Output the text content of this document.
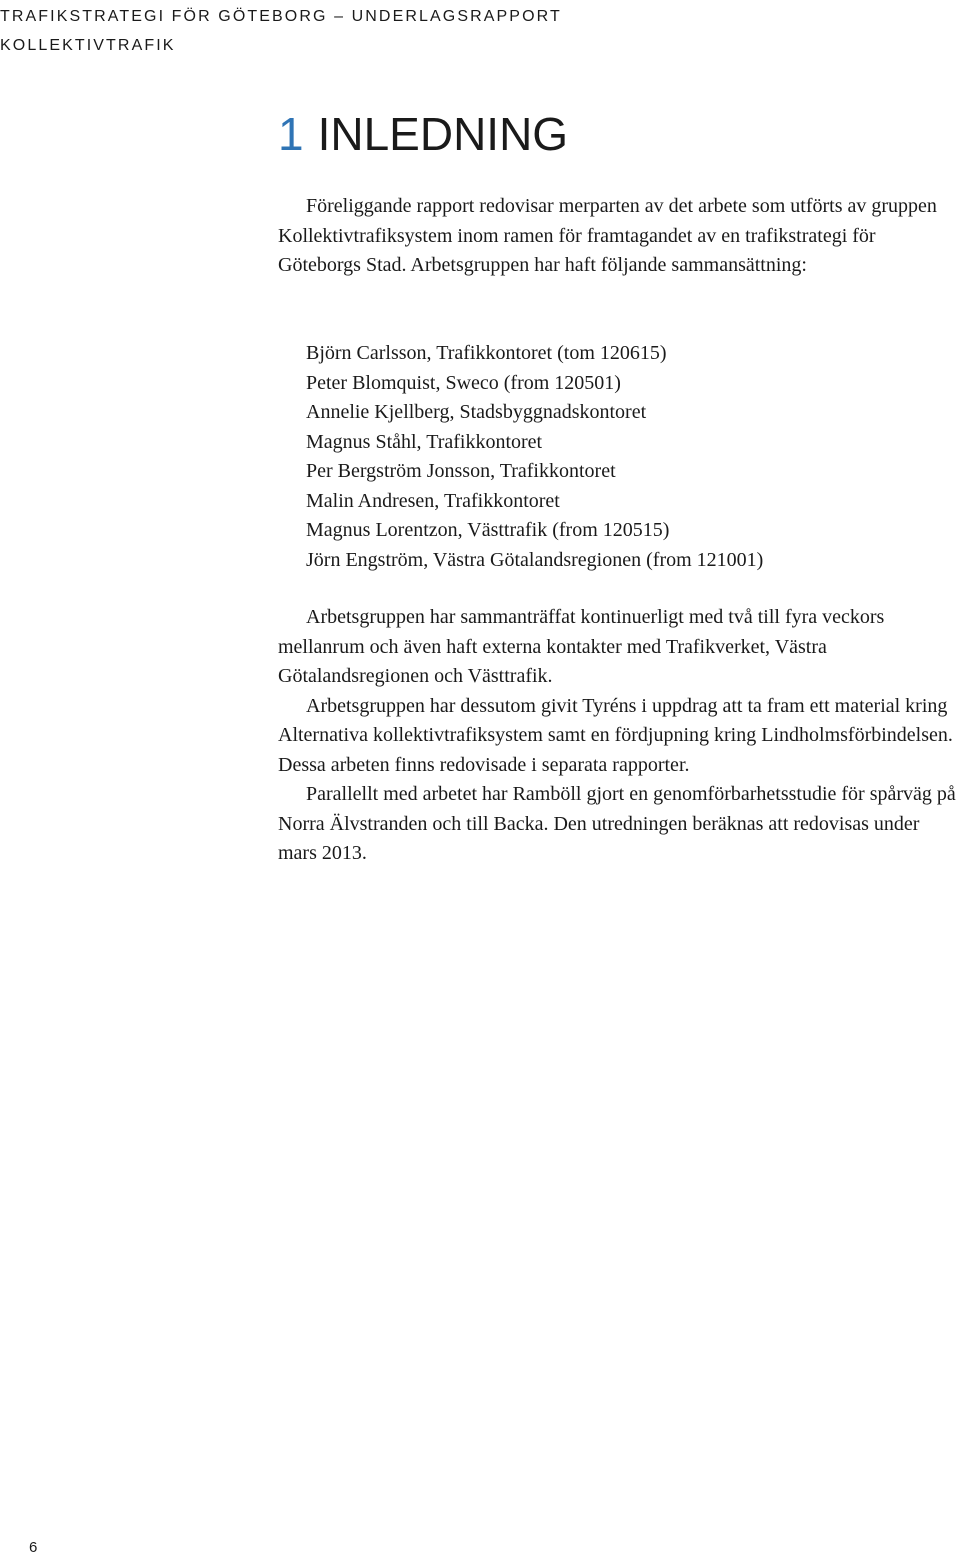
TRAFIKSTRATEGI FÖR GÖTEBORG – UNDERLAGSRAPPORT
KOLLEKTIVTRAFIK
1 INLEDNING

Föreliggande rapport redovisar merparten av det arbete som utförts av gruppen Kollektivtrafiksystem inom ramen för framtagandet av en trafikstrategi för Göteborgs Stad. Arbetsgruppen har haft följande sammansättning:

Björn Carlsson, Trafikkontoret (tom 120615)
Peter Blomquist, Sweco (from 120501)
Annelie Kjellberg, Stadsbyggnadskontoret
Magnus Ståhl, Trafikkontoret
Per Bergström Jonsson, Trafikkontoret
Malin Andresen, Trafikkontoret
Magnus Lorentzon, Västtrafik (from 120515)
Jörn Engström, Västra Götalandsregionen (from 121001)

Arbetsgruppen har sammanträffat kontinuerligt med två till fyra veckors mellanrum och även haft externa kontakter med Trafikverket, Västra Götalandsregionen och Västtrafik.

Arbetsgruppen har dessutom givit Tyréns i uppdrag att ta fram ett material kring Alternativa kollektivtrafiksystem samt en fördjupning kring Lindholmsförbindelsen. Dessa arbeten finns redovisade i separata rapporter.

Parallellt med arbetet har Ramböll gjort en genomförbarhetsstudie för spårväg på Norra Älvstranden och till Backa. Den utredningen beräknas att redovisas under mars 2013.

6
